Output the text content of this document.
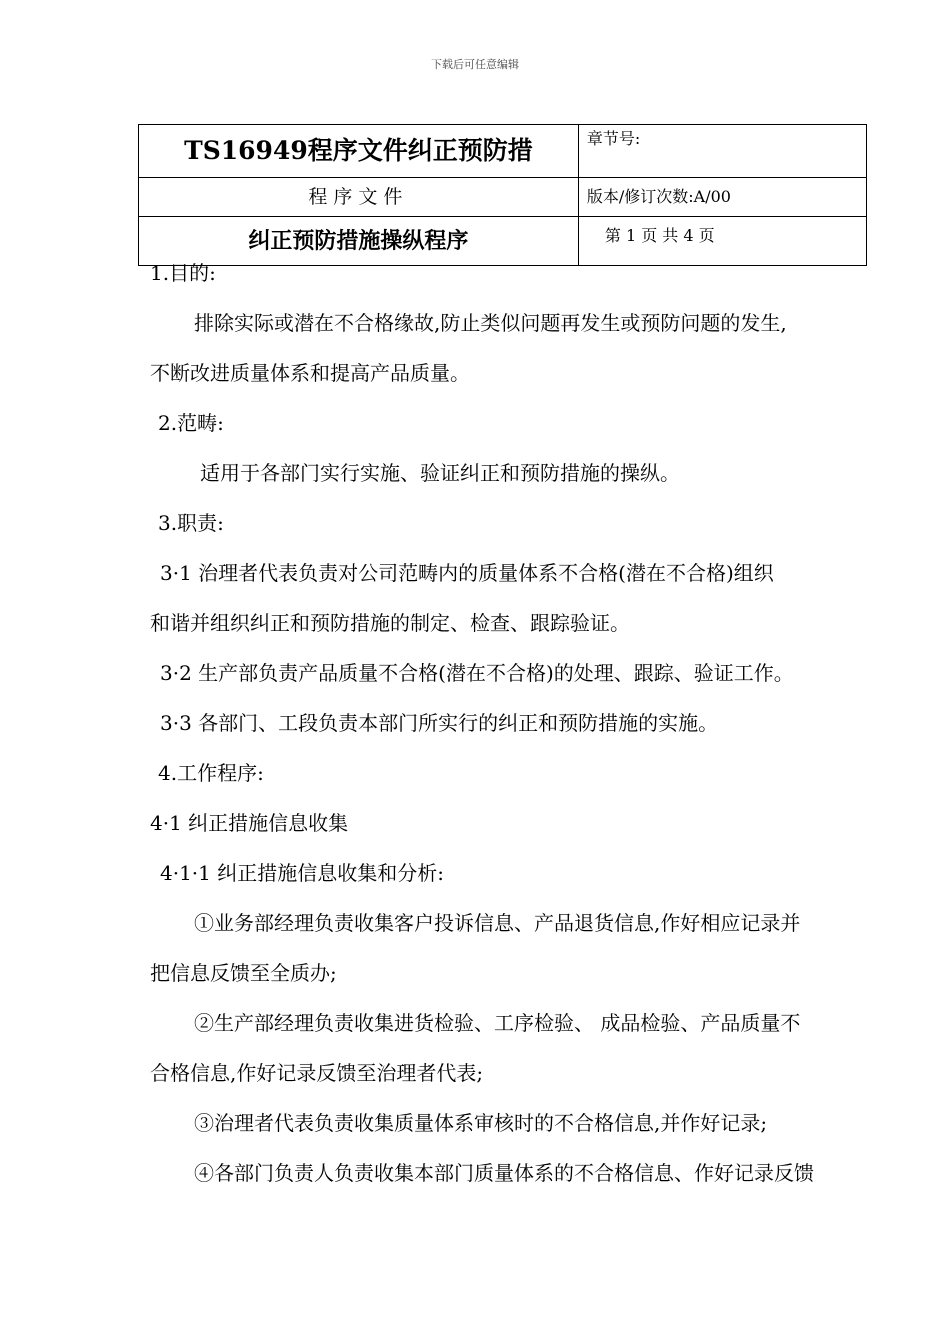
下载后可任意编辑
TS16949程序文件纠正预防措	章节号:
程序文件	版本/修订次数:A/00
纠正预防措施操纵程序	第 1 页 共 4 页
1.目的:
排除实际或潜在不合格缘故,防止类似问题再发生或预防问题的发生,
不断改进质量体系和提高产品质量。
2.范畴:
适用于各部门实行实施、验证纠正和预防措施的操纵。
3.职责:
3·1 治理者代表负责对公司范畴内的质量体系不合格(潜在不合格)组织
和谐并组织纠正和预防措施的制定、检查、跟踪验证。
3·2 生产部负责产品质量不合格(潜在不合格)的处理、跟踪、验证工作。
3·3 各部门、工段负责本部门所实行的纠正和预防措施的实施。
4.工作程序:
4·1 纠正措施信息收集
4·1·1 纠正措施信息收集和分析:
①业务部经理负责收集客户投诉信息、产品退货信息,作好相应记录并
把信息反馈至全质办;
②生产部经理负责收集进货检验、工序检验、 成品检验、产品质量不
合格信息,作好记录反馈至治理者代表;
③治理者代表负责收集质量体系审核时的不合格信息,并作好记录;
④各部门负责人负责收集本部门质量体系的不合格信息、作好记录反馈
